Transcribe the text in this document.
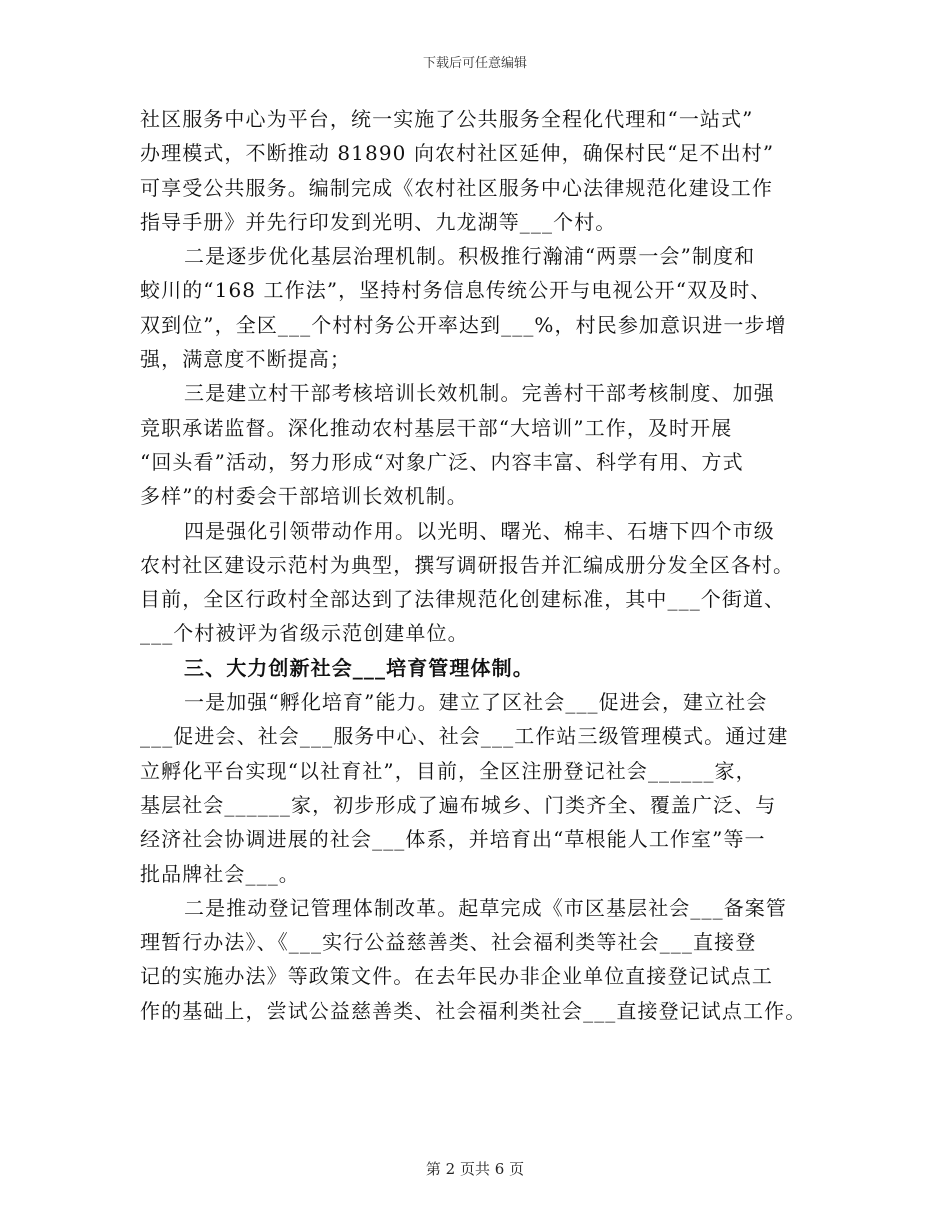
下载后可任意编辑
社区服务中心为平台，统一实施了公共服务全程化代理和“一站式”
办理模式，不断推动 81890 向农村社区延伸，确保村民“足不出村”
可享受公共服务。编制完成《农村社区服务中心法律规范化建设工作
指导手册》并先行印发到光明、九龙湖等___个村。
二是逐步优化基层治理机制。积极推行瀚浦“两票一会”制度和
蛟川的“168 工作法”，坚持村务信息传统公开与电视公开“双及时、
双到位”，全区___个村村务公开率达到___%，村民参加意识进一步增
强，满意度不断提高；
三是建立村干部考核培训长效机制。完善村干部考核制度、加强
竞职承诺监督。深化推动农村基层干部“大培训”工作，及时开展
“回头看”活动，努力形成“对象广泛、内容丰富、科学有用、方式
多样”的村委会干部培训长效机制。
四是强化引领带动作用。以光明、曙光、棉丰、石塘下四个市级
农村社区建设示范村为典型，撰写调研报告并汇编成册分发全区各村。
目前，全区行政村全部达到了法律规范化创建标准，其中___个街道、
___个村被评为省级示范创建单位。
三、大力创新社会___培育管理体制。
一是加强“孵化培育”能力。建立了区社会___促进会，建立社会
___促进会、社会___服务中心、社会___工作站三级管理模式。通过建
立孵化平台实现“以社育社”，目前，全区注册登记社会______家，
基层社会______家，初步形成了遍布城乡、门类齐全、覆盖广泛、与
经济社会协调进展的社会___体系，并培育出“草根能人工作室”等一
批品牌社会___。
二是推动登记管理体制改革。起草完成《市区基层社会___备案管
理暂行办法》、《___实行公益慈善类、社会福利类等社会___直接登
记的实施办法》等政策文件。在去年民办非企业单位直接登记试点工
作的基础上，尝试公益慈善类、社会福利类社会___直接登记试点工作。
第 2 页共 6 页
